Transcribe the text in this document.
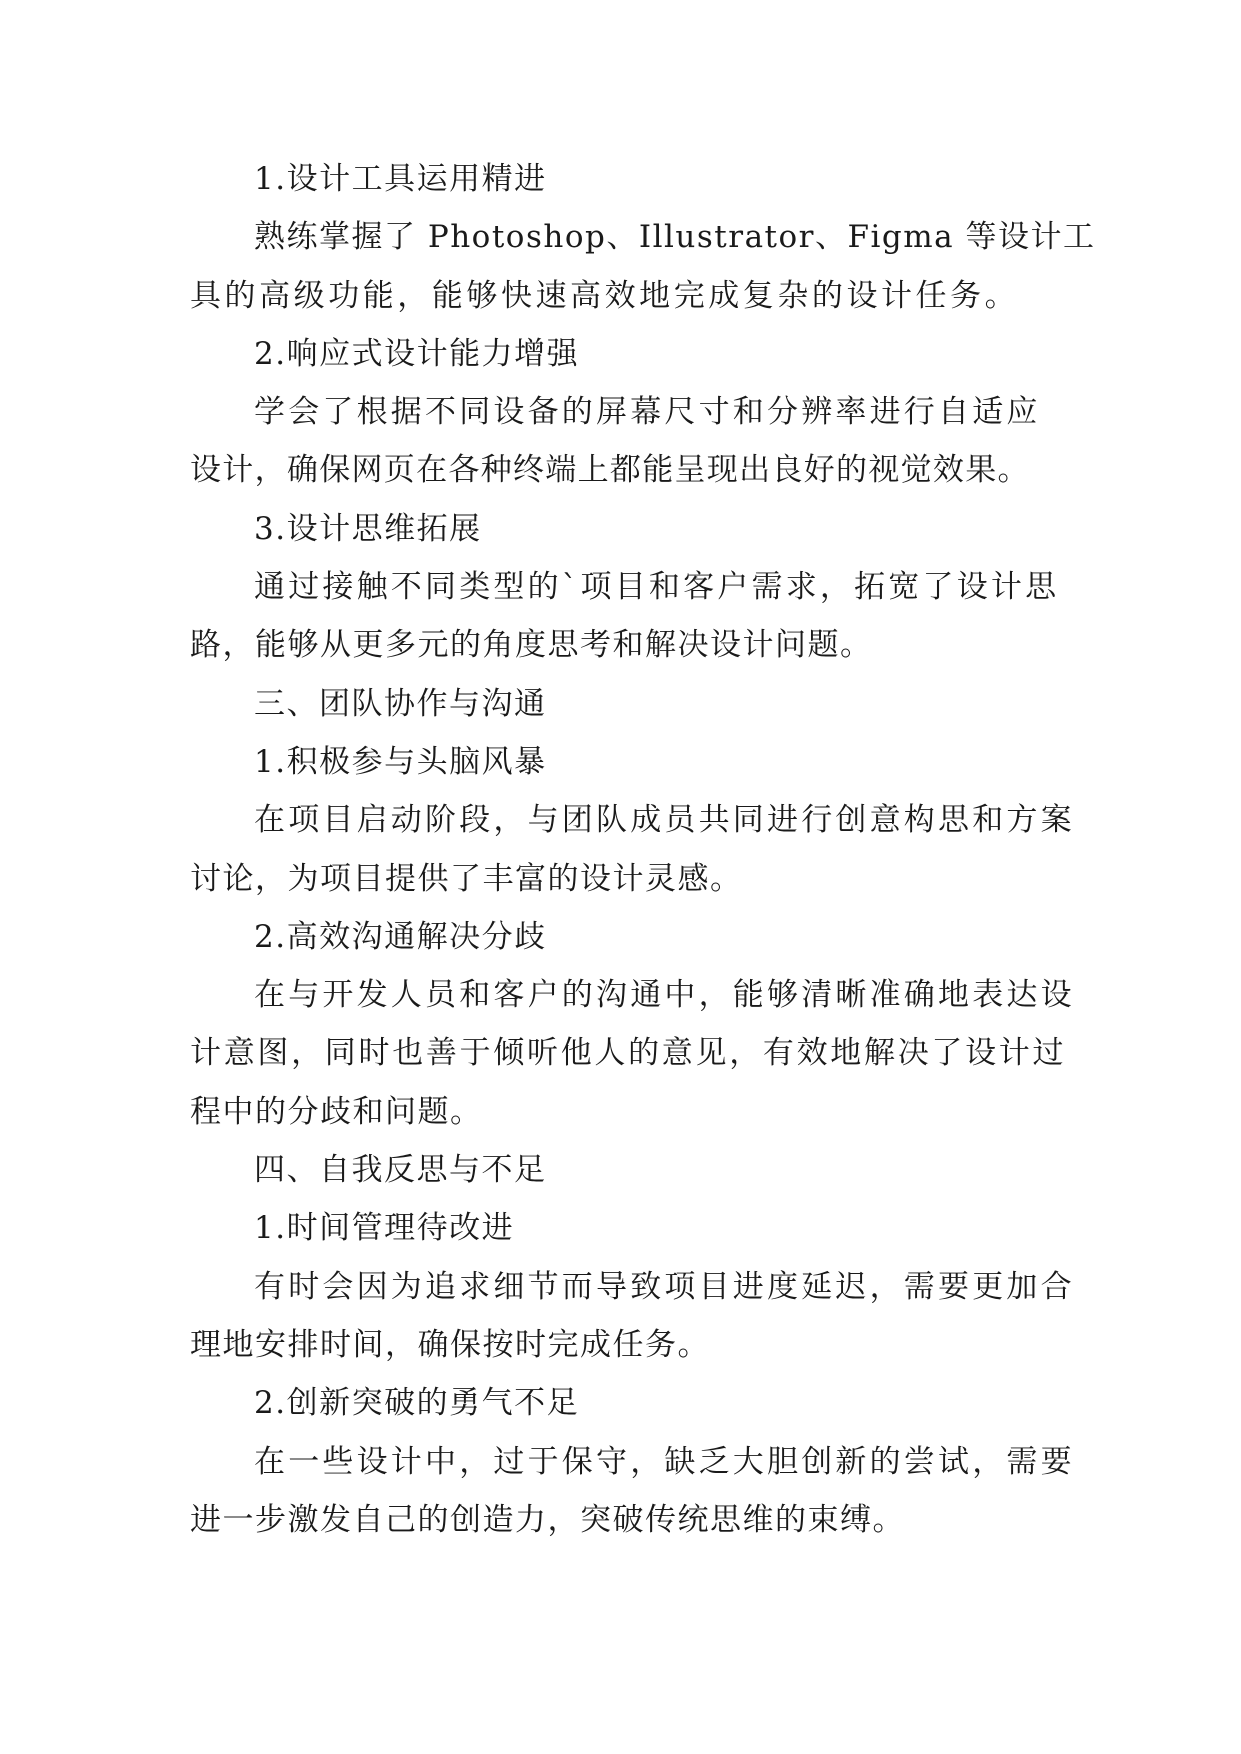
1.设计工具运用精进
熟练掌握了 Photoshop、Illustrator、Figma 等设计工
具的高级功能，能够快速高效地完成复杂的设计任务。
2.响应式设计能力增强
学会了根据不同设备的屏幕尺寸和分辨率进行自适应
设计，确保网页在各种终端上都能呈现出良好的视觉效果。
3.设计思维拓展
通过接触不同类型的`项目和客户需求，拓宽了设计思
路，能够从更多元的角度思考和解决设计问题。
三、团队协作与沟通
1.积极参与头脑风暴
在项目启动阶段，与团队成员共同进行创意构思和方案
讨论，为项目提供了丰富的设计灵感。
2.高效沟通解决分歧
在与开发人员和客户的沟通中，能够清晰准确地表达设
计意图，同时也善于倾听他人的意见，有效地解决了设计过
程中的分歧和问题。
四、自我反思与不足
1.时间管理待改进
有时会因为追求细节而导致项目进度延迟，需要更加合
理地安排时间，确保按时完成任务。
2.创新突破的勇气不足
在一些设计中，过于保守，缺乏大胆创新的尝试，需要
进一步激发自己的创造力，突破传统思维的束缚。
